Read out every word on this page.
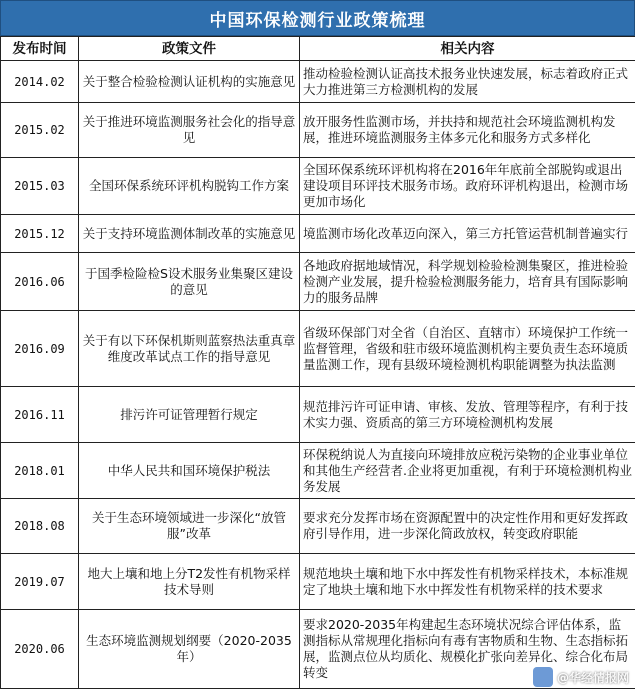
中国环保检测行业政策梳理
发布时间	政策文件	相关内容
2014.02	关于整合检验检测认证机构的实施意见	推动检验检测认证高技术报务业快速发展，标志着政府正式大力推进第三方检测机构的发展
2015.02	关于推进环境监测服务社会化的指导意见	放开服务性监测市场，并扶持和规范社会环境监测机构发展，推进环境监测服务主体多元化和服务方式多样化
2015.03	全国环保系统环评机构脱钩工作方案	全国环保系统环评机构将在2016年年底前全部脱钩或退出建设项目环评技术服务市场。政府环评机构退出，检测市场更加市场化
2015.12	关于支持环境监测体制改革的实施意见	境监测市场化改革迈向深入，第三方托管运营机制普遍实行
2016.06	于国季检险检S设术服务业集聚区建设的意见	各地政府据地域情况，科学规划检验检测集聚区，推进检验检测产业发展，提升检验检测服务能力，培育具有国际影响力的服务品牌
2016.09	关于有以下环保机斯则蓝察热法重真章维度改革试点工作的指导意见	省级环保部门对全省（自治区、直辖市）环境保护工作统一监督管理，省级和驻市级环境监测机构主要负责生态环境质量监测工作，现有县级环境检测机构职能调整为执法监测
2016.11	排污许可证管理暂行规定	规范排污许可证申请、审核、发放、管理等程序，有利于技术实力强、资质高的第三方环境检测机构发展
2018.01	中华人民共和国环境保护税法	环保税纳说人为直接向环境排放应税污染物的企业事业单位和其他生产经营者.企业将更加重视，有利于环境检测机构业务发展
2018.08	关于生态环境领域进一步深化“放管服”改革	要求充分发挥市场在资源配置中的决定性作用和更好发挥政府引导作用，进一步深化简政放权，转变政府职能
2019.07	地大上壤和地上分T2发性有机物采样技术导则	规范地块土壤和地下水中挥发性有机物采样技术，本标准规定了地块土壤和地下水中挥发性有机物采样的技术要求
2020.06	生态环境监测规划纲要（2020-2035年）	要求2020-2035年构建起生态环境状况综合评估体系，监测指标从常规理化指标向有毒有害物质和生物、生态指标拓展，监测点位从均质化、规模化扩张向差异化、综合化布局转变	@华经情报网
